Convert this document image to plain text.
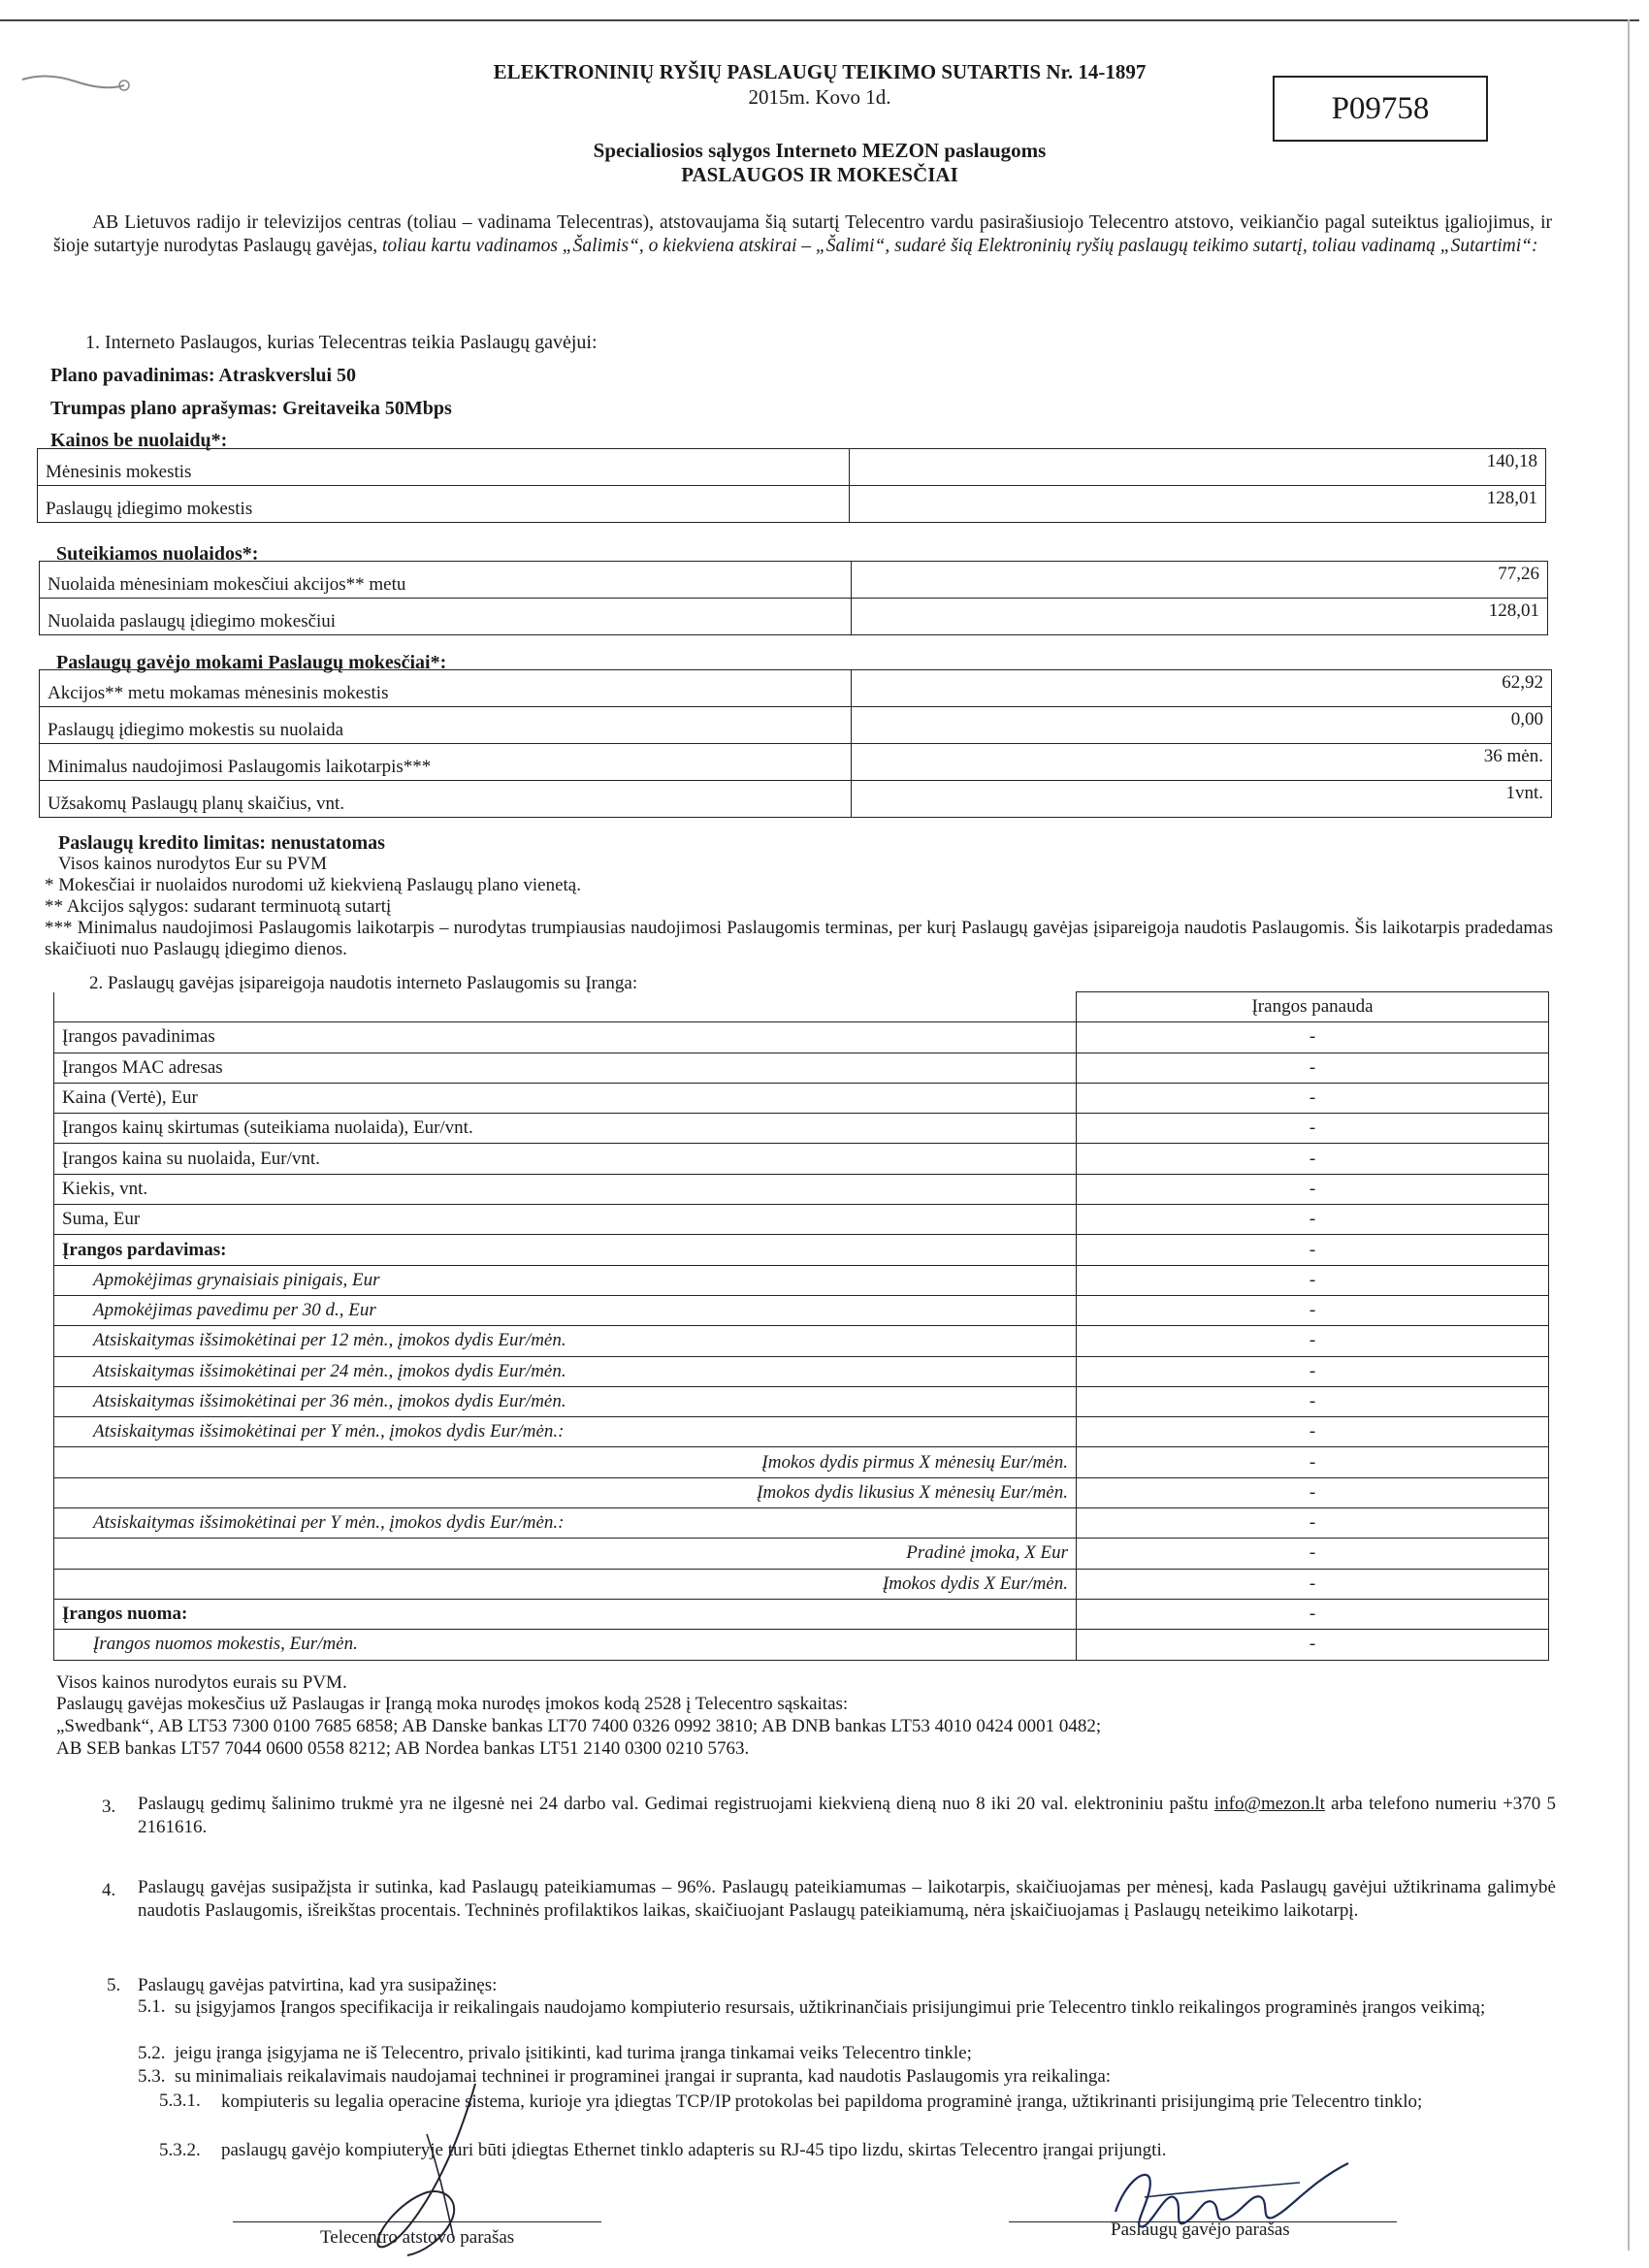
ELEKTRONINIŲ RYŠIŲ PASLAUGŲ TEIKIMO SUTARTIS Nr. 14-1897
2015m. Kovo 1d.	P09758
Specialiosios sąlygos Interneto MEZON paslaugoms
PASLAUGOS IR MOKESČIAI
AB Lietuvos radijo ir televizijos centras (toliau – vadinama Telecentras), atstovaujama šią sutartį Telecentro vardu pasirašiusiojo Telecentro atstovo, veikiančio pagal suteiktus įgaliojimus, ir šioje sutartyje nurodytas Paslaugų gavėjas, toliau kartu vadinamos „Šalimis“, o kiekviena atskirai – „Šalimi“, sudarė šią Elektroninių ryšių paslaugų teikimo sutartį, toliau vadinamą „Sutartimi“:
1. Interneto Paslaugos, kurias Telecentras teikia Paslaugų gavėjui:
Plano pavadinimas: Atraskverslui 50
Trumpas plano aprašymas: Greitaveika 50Mbps
Kainos be nuolaidų*:
Mėnesinis mokestis	140,18
Paslaugų įdiegimo mokestis	128,01
Suteikiamos nuolaidos*:
Nuolaida mėnesiniam mokesčiui akcijos** metu	77,26
Nuolaida paslaugų įdiegimo mokesčiui	128,01
Paslaugų gavėjo mokami Paslaugų mokesčiai*:
Akcijos** metu mokamas mėnesinis mokestis	62,92
Paslaugų įdiegimo mokestis su nuolaida	0,00
Minimalus naudojimosi Paslaugomis laikotarpis***	36 mėn.
Užsakomų Paslaugų planų skaičius, vnt.	1vnt.
Paslaugų kredito limitas: nenustatomas
Visos kainos nurodytos Eur su PVM
* Mokesčiai ir nuolaidos nurodomi už kiekvieną Paslaugų plano vienetą.
** Akcijos sąlygos: sudarant terminuotą sutartį
*** Minimalus naudojimosi Paslaugomis laikotarpis – nurodytas trumpiausias naudojimosi Paslaugomis terminas, per kurį Paslaugų gavėjas įsipareigoja naudotis Paslaugomis. Šis laikotarpis pradedamas skaičiuoti nuo Paslaugų įdiegimo dienos.
2. Paslaugų gavėjas įsipareigoja naudotis interneto Paslaugomis su Įranga:
	Įrangos panauda
Įrangos pavadinimas	-
Įrangos MAC adresas	-
Kaina (Vertė), Eur	-
Įrangos kainų skirtumas (suteikiama nuolaida), Eur/vnt.	-
Įrangos kaina su nuolaida, Eur/vnt.	-
Kiekis, vnt.	-
Suma, Eur	-
Įrangos pardavimas:	-
Apmokėjimas grynaisiais pinigais, Eur	-
Apmokėjimas pavedimu per 30 d., Eur	-
Atsiskaitymas išsimokėtinai per 12 mėn., įmokos dydis Eur/mėn.	-
Atsiskaitymas išsimokėtinai per 24 mėn., įmokos dydis Eur/mėn.	-
Atsiskaitymas išsimokėtinai per 36 mėn., įmokos dydis Eur/mėn.	-
Atsiskaitymas išsimokėtinai per Y mėn., įmokos dydis Eur/mėn.:	-
Įmokos dydis pirmus X mėnesių Eur/mėn.	-
Įmokos dydis likusius X mėnesių Eur/mėn.	-
Atsiskaitymas išsimokėtinai per Y mėn., įmokos dydis Eur/mėn.:	-
Pradinė įmoka, X Eur	-
Įmokos dydis X Eur/mėn.	-
Įrangos nuoma:	-
Įrangos nuomos mokestis, Eur/mėn.	-
Visos kainos nurodytos eurais su PVM.
Paslaugų gavėjas mokesčius už Paslaugas ir Įrangą moka nurodęs įmokos kodą 2528 į Telecentro sąskaitas:
„Swedbank“, AB LT53 7300 0100 7685 6858; AB Danske bankas LT70 7400 0326 0992 3810; AB DNB bankas LT53 4010 0424 0001 0482;
AB SEB bankas LT57 7044 0600 0558 8212; AB Nordea bankas LT51 2140 0300 0210 5763.
3. Paslaugų gedimų šalinimo trukmė yra ne ilgesnė nei 24 darbo val. Gedimai registruojami kiekvieną dieną nuo 8 iki 20 val. elektroniniu paštu info@mezon.lt arba telefono numeriu +370 5 2161616.
4. Paslaugų gavėjas susipažįsta ir sutinka, kad Paslaugų pateikiamumas – 96%. Paslaugų pateikiamumas – laikotarpis, skaičiuojamas per mėnesį, kada Paslaugų gavėjui užtikrinama galimybė naudotis Paslaugomis, išreikštas procentais. Techninės profilaktikos laikas, skaičiuojant Paslaugų pateikiamumą, nėra įskaičiuojamas į Paslaugų neteikimo laikotarpį.
5. Paslaugų gavėjas patvirtina, kad yra susipažinęs:
5.1. su įsigyjamos Įrangos specifikacija ir reikalingais naudojamo kompiuterio resursais, užtikrinančiais prisijungimui prie Telecentro tinklo reikalingos programinės įrangos veikimą;
5.2. jeigu įranga įsigyjama ne iš Telecentro, privalo įsitikinti, kad turima įranga tinkamai veiks Telecentro tinkle;
5.3. su minimaliais reikalavimais naudojamai techninei ir programinei įrangai ir supranta, kad naudotis Paslaugomis yra reikalinga:
5.3.1. kompiuteris su legalia operacine sistema, kurioje yra įdiegtas TCP/IP protokolas bei papildoma programinė įranga, užtikrinanti prisijungimą prie Telecentro tinklo;
5.3.2. paslaugų gavėjo kompiuteryje turi būti įdiegtas Ethernet tinklo adapteris su RJ-45 tipo lizdu, skirtas Telecentro įrangai prijungti.
Telecentro atstovo parašas	Paslaugų gavėjo parašas
